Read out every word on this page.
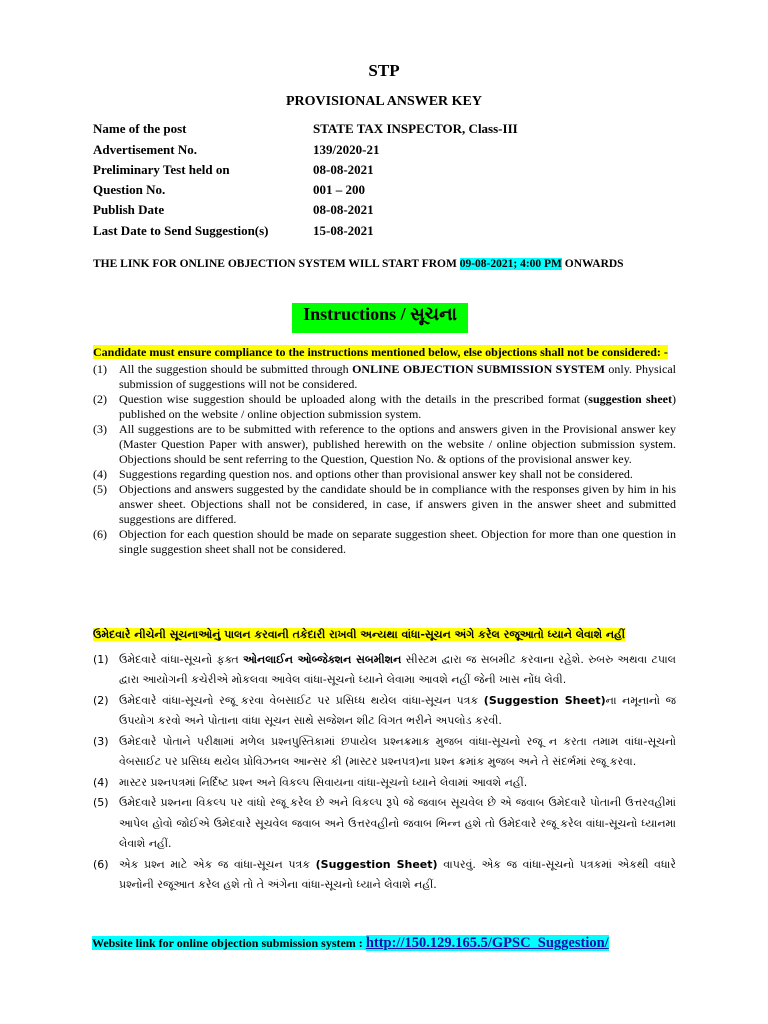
STP
PROVISIONAL ANSWER KEY
Name of the post	STATE TAX INSPECTOR, Class-III
Advertisement No.	139/2020-21
Preliminary Test held on	08-08-2021
Question No.	001 – 200
Publish Date	08-08-2021
Last Date to Send Suggestion(s)	15-08-2021
THE LINK FOR ONLINE OBJECTION SYSTEM WILL START FROM 09-08-2021; 4:00 PM ONWARDS
Instructions / સૂચના
Candidate must ensure compliance to the instructions mentioned below, else objections shall not be considered: -
(1)	All the suggestion should be submitted through ONLINE OBJECTION SUBMISSION SYSTEM only. Physical submission of suggestions will not be considered.
(2)	Question wise suggestion should be uploaded along with the details in the prescribed format (suggestion sheet) published on the website / online objection submission system.
(3)	All suggestions are to be submitted with reference to the options and answers given in the Provisional answer key (Master Question Paper with answer), published herewith on the website / online objection submission system. Objections should be sent referring to the Question, Question No. & options of the provisional answer key.
(4)	Suggestions regarding question nos. and options other than provisional answer key shall not be considered.
(5)	Objections and answers suggested by the candidate should be in compliance with the responses given by him in his answer sheet. Objections shall not be considered, in case, if answers given in the answer sheet and submitted suggestions are differed.
(6)	Objection for each question should be made on separate suggestion sheet. Objection for more than one question in single suggestion sheet shall not be considered.
ઉમેદવારે નીચેની સૂચનાઓનું પાલન કરવાની તકેદારી રાખવી અન્યથા વાંધા-સૂચન અંગે કરેલ રજૂઆતો ધ્યાને લેવાશે નહીં
(1) ઉમેદવારે વાંધા-સૂચનો ફક્ત ઓનલાઈન ઓબ્જેક્શન સબમીશન સીસ્ટમ દ્વારા જ સબમીટ કરવાના રહેશે. રુબરુ અથવા ટપાલ દ્વારા આયોગની કચેરીએ મોકલવા આવેલ વાંધા-સૂચનો ધ્યાને લેવામા આવશે નહીં જેની ખાસ નોંધ લેવી.
(2) ઉમેદવારે વાંધા-સૂચનો રજૂ કરવા વેબસાઈટ પર પ્રસિધ્ધ થયેલ વાંધા-સૂચન પત્રક (Suggestion Sheet)ના નમૂનાનો જ ઉપયોગ કરવો અને પોતાના વાંધા સૂચન સાથે સજેશન શીટ વિગત ભરીને અપલોડ કરવી.
(3) ઉમેદવારે પોતાને પરીક્ષામાં મળેલ પ્રશ્નપુસ્તિકામાં છપાયેલ પ્રશ્નક્રમાક મુજબ વાંધા-સૂચનો રજૂ ન કરતા તમામ વાંધા-સૂચનો વેબસાઈટ પર પ્રસિધ્ધ થયેલ પ્રોવિઝનલ આન્સર કી (માસ્ટર પ્રશ્નપત્ર)ના પ્રશ્ન ક્રમાંક મુજબ અને તે સંદર્ભમાં રજૂ કરવા.
(4) માસ્ટર પ્રશ્નપત્રમાં નિર્દિષ્ટ પ્રશ્ન અને વિકલ્પ સિવાયના વાંધા-સૂચનો ધ્યાને લેવામાં આવશે નહીં.
(5) ઉમેદવારે પ્રશ્નના વિકલ્પ પર વાંધો રજૂ કરેલ છે અને વિકલ્પ રૂપે જે જવાબ સૂચવેલ છે એ જવાબ ઉમેદવારે પોતાની ઉત્તરવહીમાં આપેલ હોવો જોઈએ ઉમેદવારે સૂચવેલ જવાબ અને ઉત્તરવહીનો જવાબ ભિન્ન હશે તો ઉમેદવારે રજૂ કરેલ વાંધા-સૂચનો ધ્યાનમા લેવાશે નહીં.
(6) એક પ્રશ્ન માટે એક જ વાંધા-સૂચન પત્રક (Suggestion Sheet) વાપરવું. એક જ વાંધા-સૂચનો પત્રકમાં એકથી વધારે પ્રશ્નોની રજૂઆત કરેલ હશે તો તે અંગેના વાંધા-સૂચનો ધ્યાને લેવાશે નહીં.
Website link for online objection submission system : http://150.129.165.5/GPSC_Suggestion/
